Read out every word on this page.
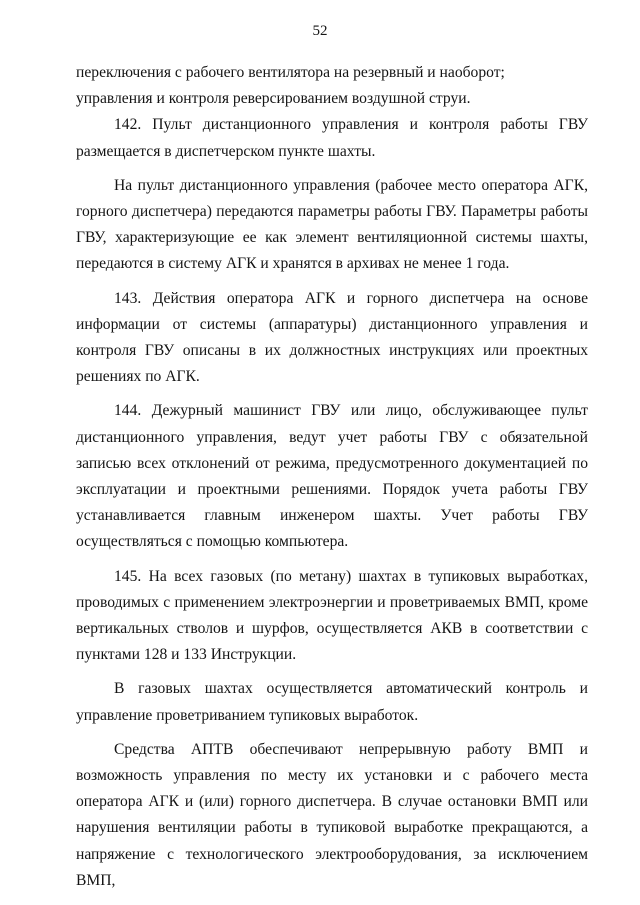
52

переключения с рабочего вентилятора на резервный и наоборот;

управления и контроля реверсированием воздушной струи.

142. Пульт дистанционного управления и контроля работы ГВУ размещается в диспетчерском пункте шахты.

На пульт дистанционного управления (рабочее место оператора АГК, горного диспетчера) передаются параметры работы ГВУ. Параметры работы ГВУ, характеризующие ее как элемент вентиляционной системы шахты, передаются в систему АГК и хранятся в архивах не менее 1 года.

143. Действия оператора АГК и горного диспетчера на основе информации от системы (аппаратуры) дистанционного управления и контроля ГВУ описаны в их должностных инструкциях или проектных решениях по АГК.

144. Дежурный машинист ГВУ или лицо, обслуживающее пульт дистанционного управления, ведут учет работы ГВУ с обязательной записью всех отклонений от режима, предусмотренного документацией по эксплуатации и проектными решениями. Порядок учета работы ГВУ устанавливается главным инженером шахты. Учет работы ГВУ осуществляться с помощью компьютера.

145. На всех газовых (по метану) шахтах в тупиковых выработках, проводимых с применением электроэнергии и проветриваемых ВМП, кроме вертикальных стволов и шурфов, осуществляется АКВ в соответствии с пунктами 128 и 133 Инструкции.

В газовых шахтах осуществляется автоматический контроль и управление проветриванием тупиковых выработок.

Средства АПТВ обеспечивают непрерывную работу ВМП и возможность управления по месту их установки и с рабочего места оператора АГК и (или) горного диспетчера. В случае остановки ВМП или нарушения вентиляции работы в тупиковой выработке прекращаются, а напряжение с технологического электрооборудования, за исключением ВМП,
